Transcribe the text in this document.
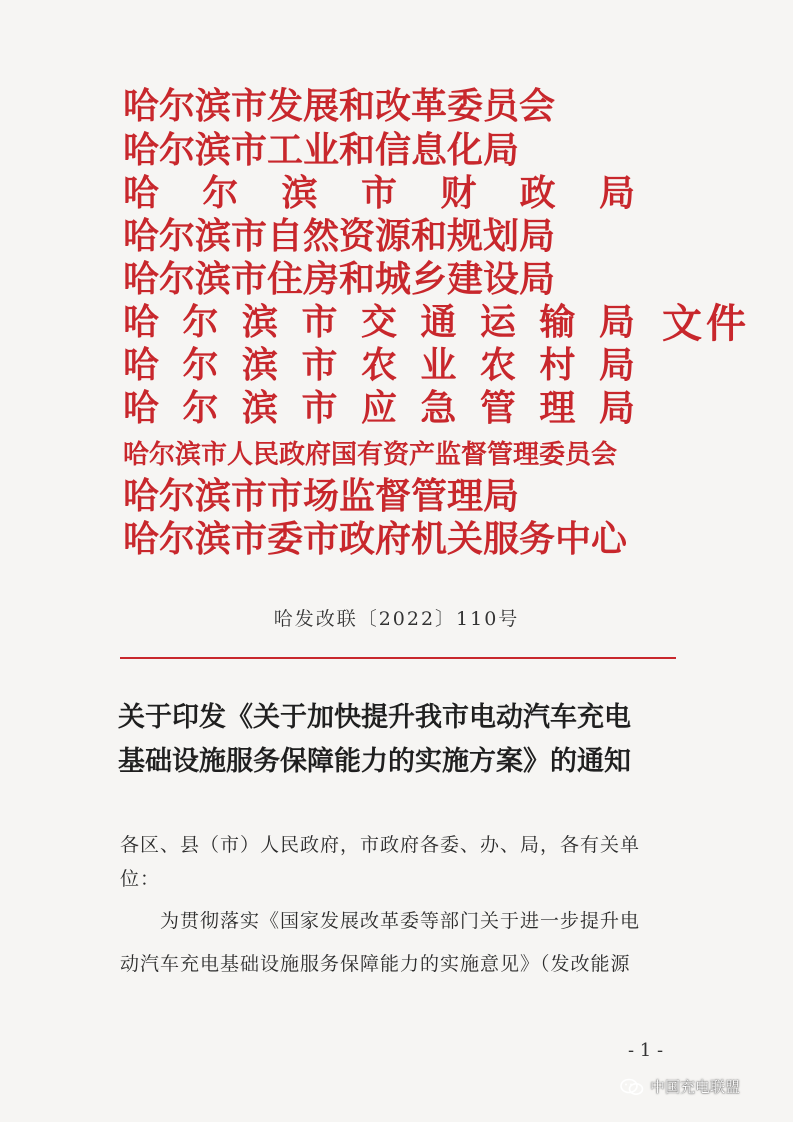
哈尔滨市发展和改革委员会
哈尔滨市工业和信息化局
哈 尔 滨 市 财 政 局
哈尔滨市自然资源和规划局
哈尔滨市住房和城乡建设局
哈 尔 滨 市 交 通 运 输 局
哈 尔 滨 市 农 业 农 村 局
哈 尔 滨 市 应 急 管 理 局
哈尔滨市人民政府国有资产监督管理委员会
哈尔滨市市场监督管理局
哈尔滨市委市政府机关服务中心
文件
哈发改联〔2022〕110号
关于印发《关于加快提升我市电动汽车充电
基础设施服务保障能力的实施方案》的通知
各区、县（市）人民政府，市政府各委、办、局，各有关单
位：
为贯彻落实《国家发展改革委等部门关于进一步提升电
动汽车充电基础设施服务保障能力的实施意见》（发改能源
- 1 -
中国充电联盟
